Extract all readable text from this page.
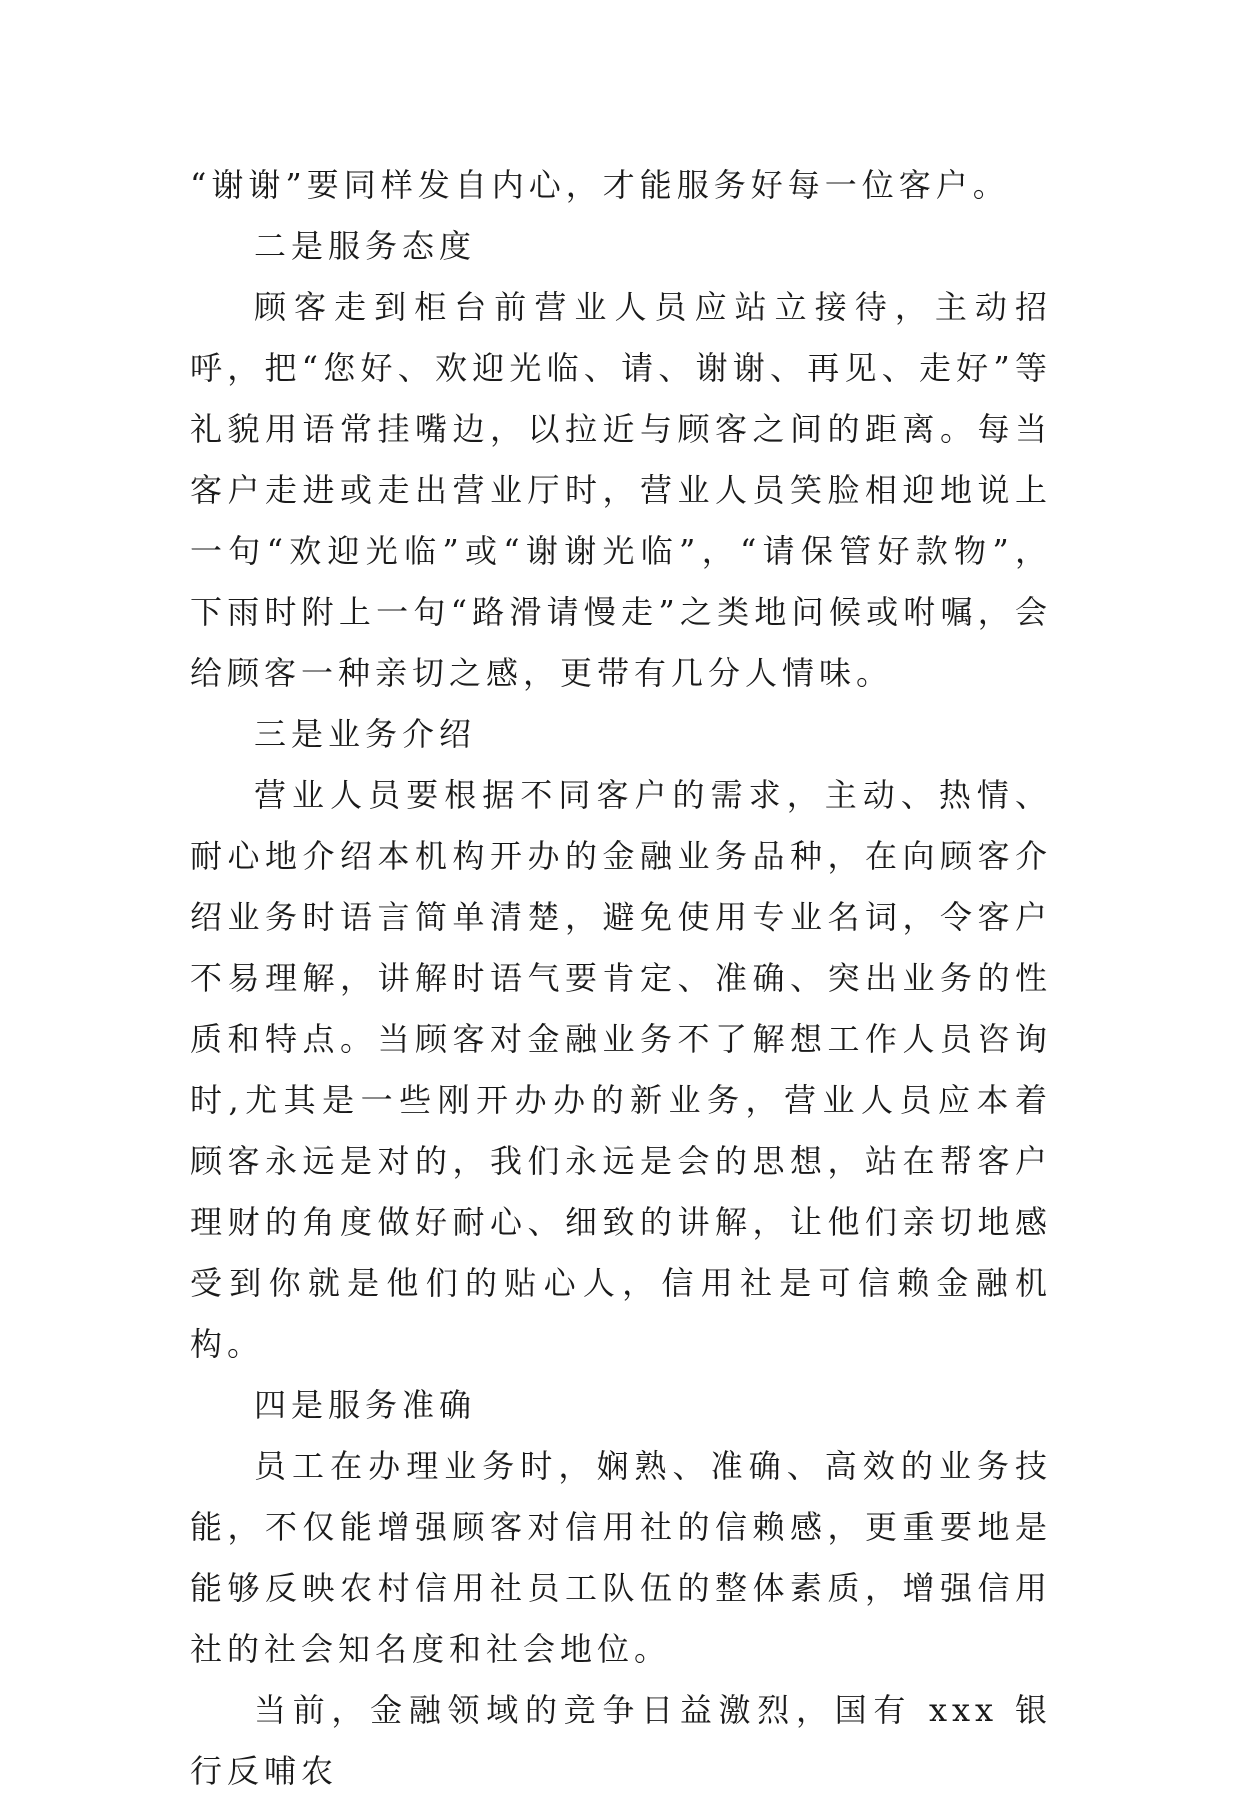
“谢谢”要同样发自内心，才能服务好每一位客户。

二是服务态度

顾客走到柜台前营业人员应站立接待，主动招呼，把“您好、欢迎光临、请、谢谢、再见、走好”等礼貌用语常挂嘴边，以拉近与顾客之间的距离。每当客户走进或走出营业厅时，营业人员笑脸相迎地说上一句“欢迎光临”或“谢谢光临”，“请保管好款物”，下雨时附上一句“路滑请慢走”之类地问候或咐嘱，会给顾客一种亲切之感，更带有几分人情味。

三是业务介绍

营业人员要根据不同客户的需求，主动、热情、耐心地介绍本机构开办的金融业务品种，在向顾客介绍业务时语言简单清楚，避免使用专业名词，令客户不易理解，讲解时语气要肯定、准确、突出业务的性质和特点。当顾客对金融业务不了解想工作人员咨询时,尤其是一些刚开办办的新业务，营业人员应本着顾客永远是对的，我们永远是会的思想，站在帮客户理财的角度做好耐心、细致的讲解，让他们亲切地感受到你就是他们的贴心人，信用社是可信赖金融机构。

四是服务准确

员工在办理业务时，娴熟、准确、高效的业务技能，不仅能增强顾客对信用社的信赖感，更重要地是能够反映农村信用社员工队伍的整体素质，增强信用社的社会知名度和社会地位。

当前，金融领域的竞争日益激烈，国有 xxx 银行反哺农
